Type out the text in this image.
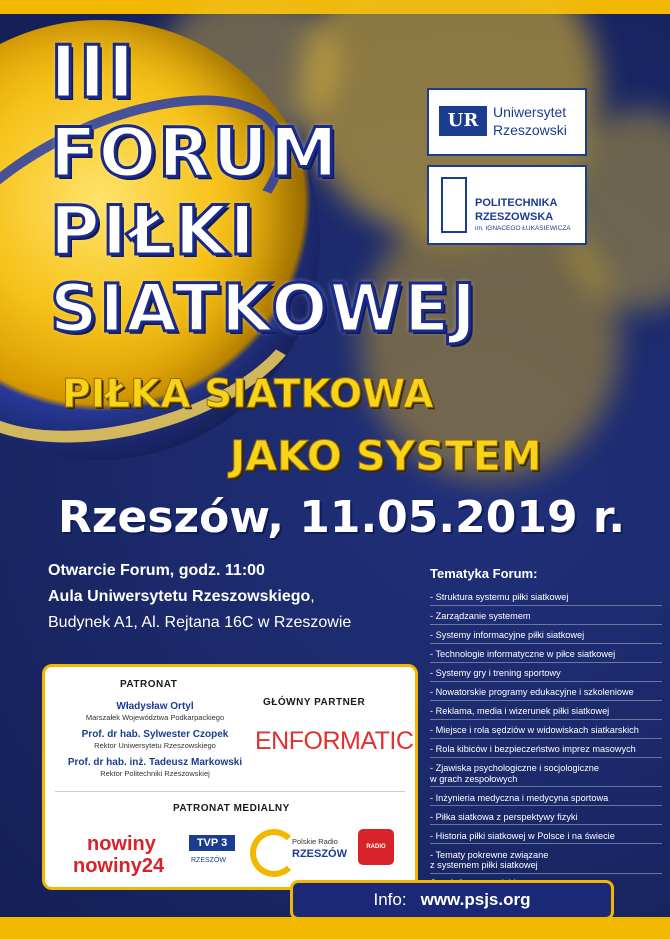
III
FORUM
PIŁKI
SIATKOWEJ
PIŁKA SIATKOWA
JAKO SYSTEM
Rzeszów, 11.05.2019 r.
UR	Uniwersytet
Rzeszowski
POLITECHNIKA
RZESZOWSKA
im. IGNACEGO ŁUKASIEWICZA
Otwarcie Forum, godz. 11:00
Aula Uniwersytetu Rzeszowskiego,
Budynek A1, Al. Rejtana 16C w Rzeszowie
PATRONAT
Władysław Ortyl
Marszałek Województwa Podkarpackiego
Prof. dr hab. Sylwester Czopek
Rektor Uniwersytetu Rzeszowskiego
Prof. dr hab. inż. Tadeusz Markowski
Rektor Politechniki Rzeszowskiej
GŁÓWNY PARTNER
ENFORMATIC
PATRONAT MEDIALNY
nowiny
nowiny24
TVP 3
RZESZÓW
Polskie Radio
RZESZÓW
RADIO
Tematyka Forum:
- Struktura systemu piłki siatkowej
- Zarządzanie systemem
- Systemy informacyjne piłki siatkowej
- Technologie informatyczne w piłce siatkowej
- Systemy gry i trening sportowy
- Nowatorskie programy edukacyjne i szkoleniowe
- Reklama, media i wizerunek piłki siatkowej
- Miejsce i rola sędziów w widowiskach siatkarskich
- Rola kibiców i bezpieczeństwo imprez masowych
- Zjawiska psychologiczne i socjologiczne
w grach zespołowych
- Inżynieria medyczna i medycyna sportowa
- Piłka siatkowa z perspektywy fizyki
- Historia piłki siatkowej w Polsce i na świecie
- Tematy pokrewne związane
z systemem piłki siatkowej
Info: www.psjs.org
